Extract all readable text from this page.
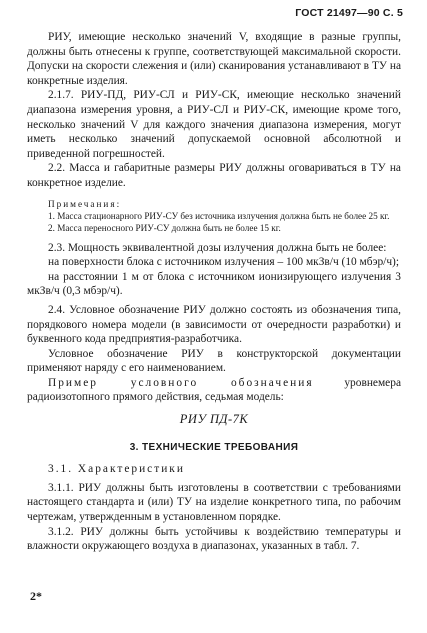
ГОСТ 21497—90 С. 5

РИУ, имеющие несколько значений V, входящие в разные группы, должны быть отнесены к группе, соответствующей максимальной скорости. Допуски на скорости слежения и (или) сканирования устанавливают в ТУ на конкретные изделия.

2.1.7. РИУ-ПД, РИУ-СЛ и РИУ-СК, имеющие несколько значений диапазона измерения уровня, а РИУ-СЛ и РИУ-СК, имеющие кроме того, несколько значений V для каждого значения диапазона измерения, могут иметь несколько значений допускаемой основной абсолютной и приведенной погрешностей.

2.2. Масса и габаритные размеры РИУ должны оговариваться в ТУ на конкретное изделие.

Примечания:

1. Масса стационарного РИУ-СУ без источника излучения должна быть не более 25 кг.

2. Масса переносного РИУ-СУ должна быть не более 15 кг.

2.3. Мощность эквивалентной дозы излучения должна быть не более:

на поверхности блока с источником излучения – 100 мкЗв/ч (10 мбэр/ч);

на расстоянии 1 м от блока с источником ионизирующего излучения 3 мкЗв/ч (0,3 мбэр/ч).

2.4. Условное обозначение РИУ должно состоять из обозначения типа, порядкового номера модели (в зависимости от очередности разработки) и буквенного кода предприятия-разработчика.

Условное обозначение РИУ в конструкторской документации применяют наряду с его наименованием.

Пример условного обозначения уровнемера радиоизотопного прямого действия, седьмая модель:

РИУ ПД-7К

3. ТЕХНИЧЕСКИЕ ТРЕБОВАНИЯ

3.1. Характеристики

3.1.1. РИУ должны быть изготовлены в соответствии с требованиями настоящего стандарта и (или) ТУ на изделие конкретного типа, по рабочим чертежам, утвержденным в установленном порядке.

3.1.2. РИУ должны быть устойчивы к воздействию температуры и влажности окружающего воздуха в диапазонах, указанных в табл. 7.

2*
